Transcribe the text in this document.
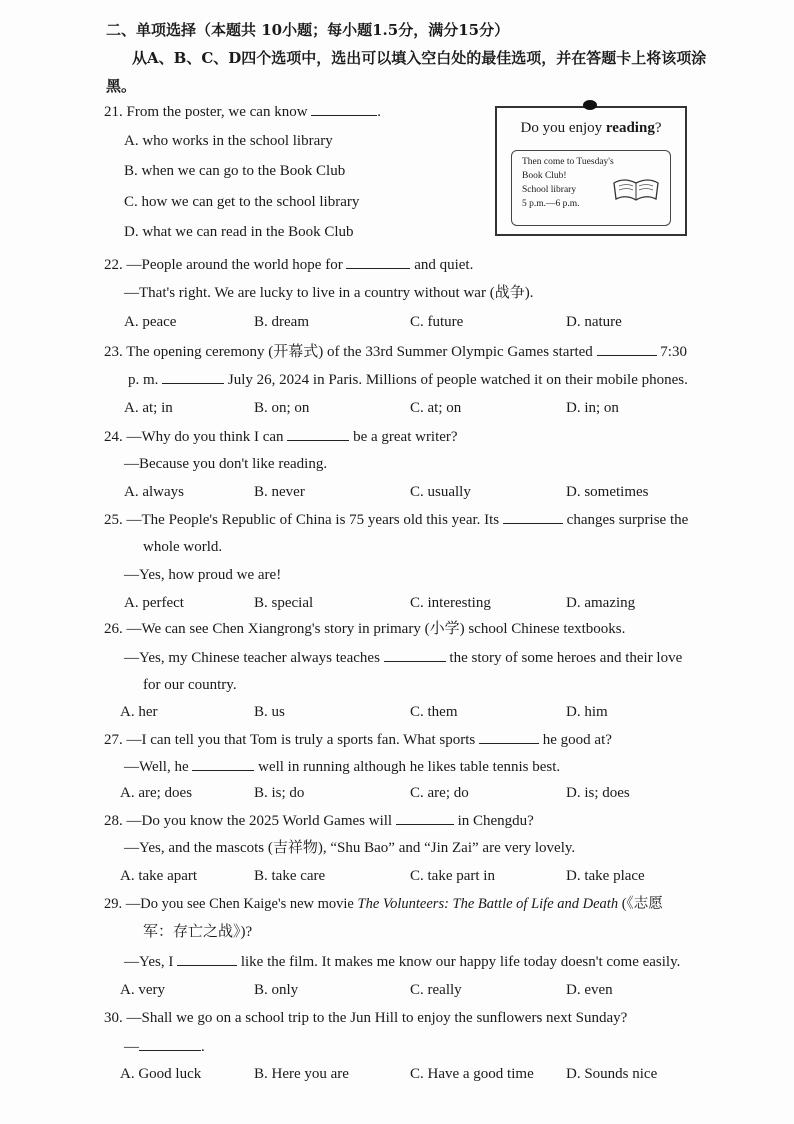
二、单项选择（本题共 10小题；每小题1.5分，满分15分）
从A、B、C、D四个选项中，选出可以填入空白处的最佳选项，并在答题卡上将该项涂
黑。
Do you enjoy reading?
Then come to Tuesday's
Book Club!
School library
5 p.m.—6 p.m.
21. From the poster, we can know	.
A. who works in the school library
B. when we can go to the Book Club
C. how we can get to the school library
D. what we can read in the Book Club
22. —People around the world hope for	and quiet.
—That's right. We are lucky to live in a country without war (战争).
A. peace	B. dream	C. future	D. nature
23. The opening ceremony (开幕式) of the 33rd Summer Olympic Games started	7:30
p. m.	July 26, 2024 in Paris. Millions of people watched it on their mobile phones.
A. at; in	B. on; on	C. at; on	D. in; on
24. —Why do you think I can	be a great writer?
—Because you don't like reading.
A. always	B. never	C. usually	D. sometimes
25. —The People's Republic of China is 75 years old this year. Its	changes surprise the
whole world.
—Yes, how proud we are!
A. perfect	B. special	C. interesting	D. amazing
26. —We can see Chen Xiangrong's story in primary (小学) school Chinese textbooks.
—Yes, my Chinese teacher always teaches	the story of some heroes and their love
for our country.
A. her	B. us	C. them	D. him
27. —I can tell you that Tom is truly a sports fan. What sports	he good at?
—Well, he	well in running although he likes table tennis best.
A. are; does	B. is; do	C. are; do	D. is; does
28. —Do you know the 2025 World Games will	in Chengdu?
—Yes, and the mascots (吉祥物), “Shu Bao” and “Jin Zai” are very lovely.
A. take apart	B. take care	C. take part in	D. take place
29. —Do you see Chen Kaige's new movie The Volunteers: The Battle of Life and Death (《志愿
军：存亡之战》)?
—Yes, I	like the film. It makes me know our happy life today doesn't come easily.
A. very	B. only	C. really	D. even
30. —Shall we go on a school trip to the Jun Hill to enjoy the sunflowers next Sunday?
—	.
A. Good luck	B. Here you are	C. Have a good time D. Sounds nice
